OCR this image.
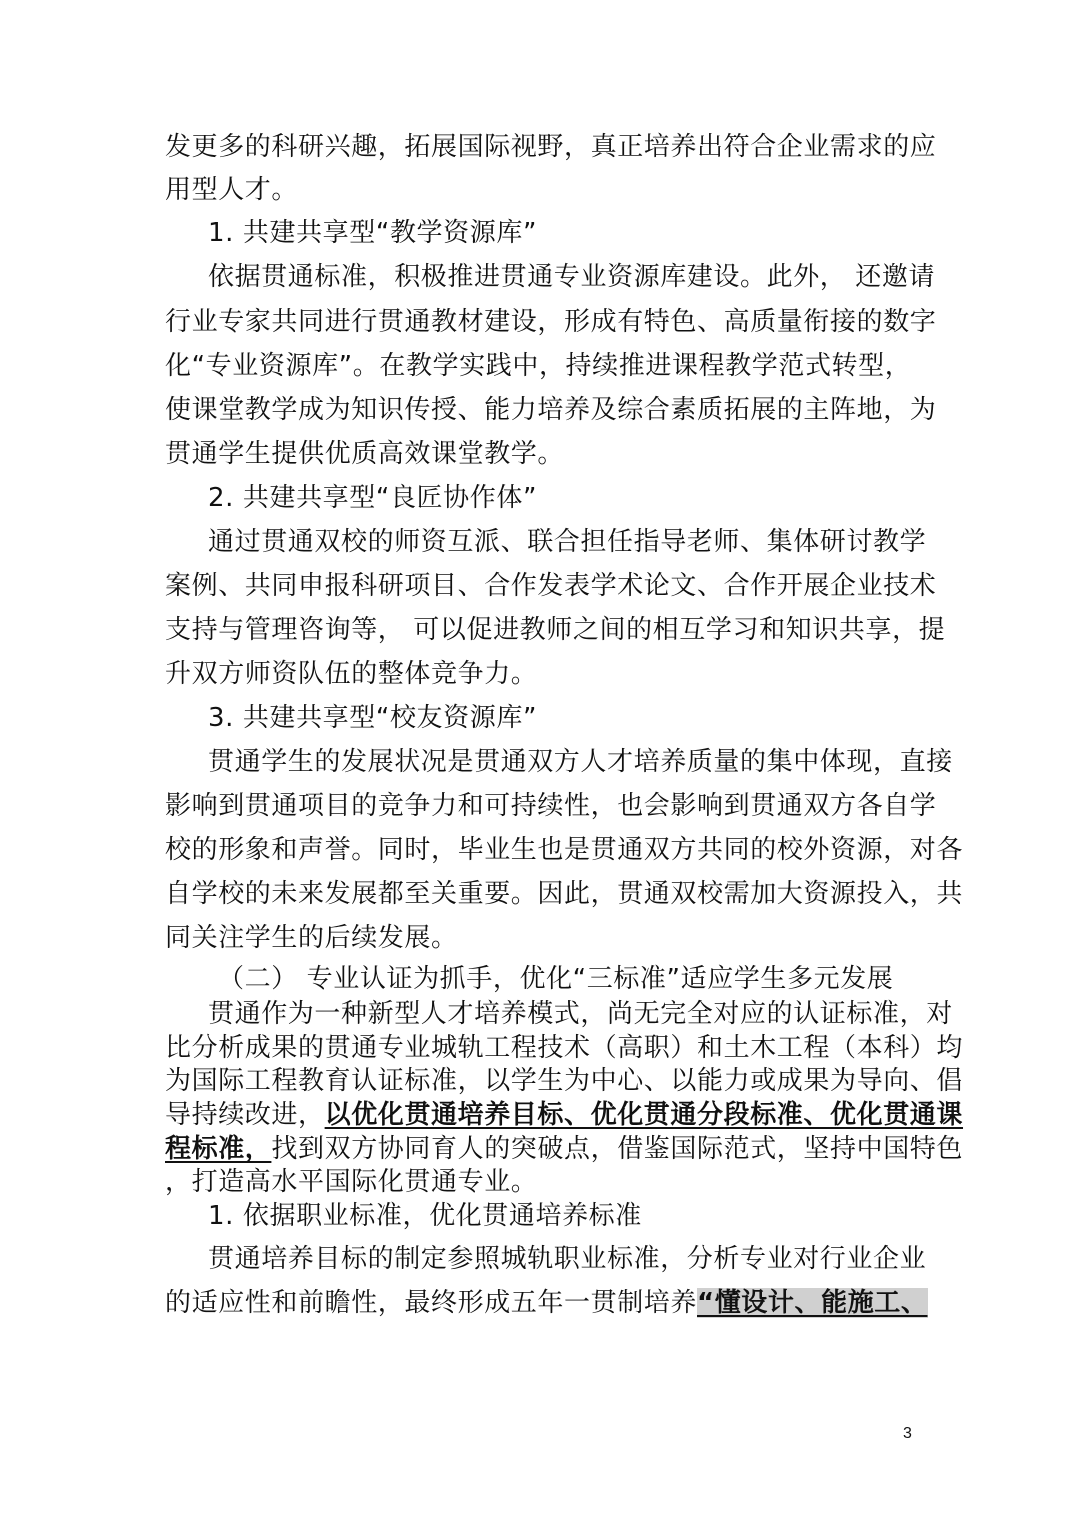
发更多的科研兴趣，拓展国际视野，真正培养出符合企业需求的应
用型人才。
1. 共建共享型“教学资源库”
依据贯通标准，积极推进贯通专业资源库建设。此外， 还邀请
行业专家共同进行贯通教材建设，形成有特色、高质量衔接的数字
化“专业资源库”。在教学实践中，持续推进课程教学范式转型，
使课堂教学成为知识传授、能力培养及综合素质拓展的主阵地，为
贯通学生提供优质高效课堂教学。
2. 共建共享型“良匠协作体”
通过贯通双校的师资互派、联合担任指导老师、集体研讨教学
案例、共同申报科研项目、合作发表学术论文、合作开展企业技术
支持与管理咨询等， 可以促进教师之间的相互学习和知识共享，提
升双方师资队伍的整体竞争力。
3. 共建共享型“校友资源库”
贯通学生的发展状况是贯通双方人才培养质量的集中体现，直接
影响到贯通项目的竞争力和可持续性，也会影响到贯通双方各自学
校的形象和声誉。同时，毕业生也是贯通双方共同的校外资源，对各
自学校的未来发展都至关重要。因此，贯通双校需加大资源投入，共
同关注学生的后续发展。
（二） 专业认证为抓手，优化“三标准”适应学生多元发展
贯通作为一种新型人才培养模式，尚无完全对应的认证标准，对
比分析成果的贯通专业城轨工程技术（高职）和土木工程（本科）均
为国际工程教育认证标准，以学生为中心、以能力或成果为导向、倡
导持续改进，以优化贯通培养目标、优化贯通分段标准、优化贯通课
程标准，找到双方协同育人的突破点，借鉴国际范式，坚持中国特色
，打造高水平国际化贯通专业。
1. 依据职业标准，优化贯通培养标准
贯通培养目标的制定参照城轨职业标准，分析专业对行业企业
的适应性和前瞻性，最终形成五年一贯制培养“懂设计、能施工、
3
